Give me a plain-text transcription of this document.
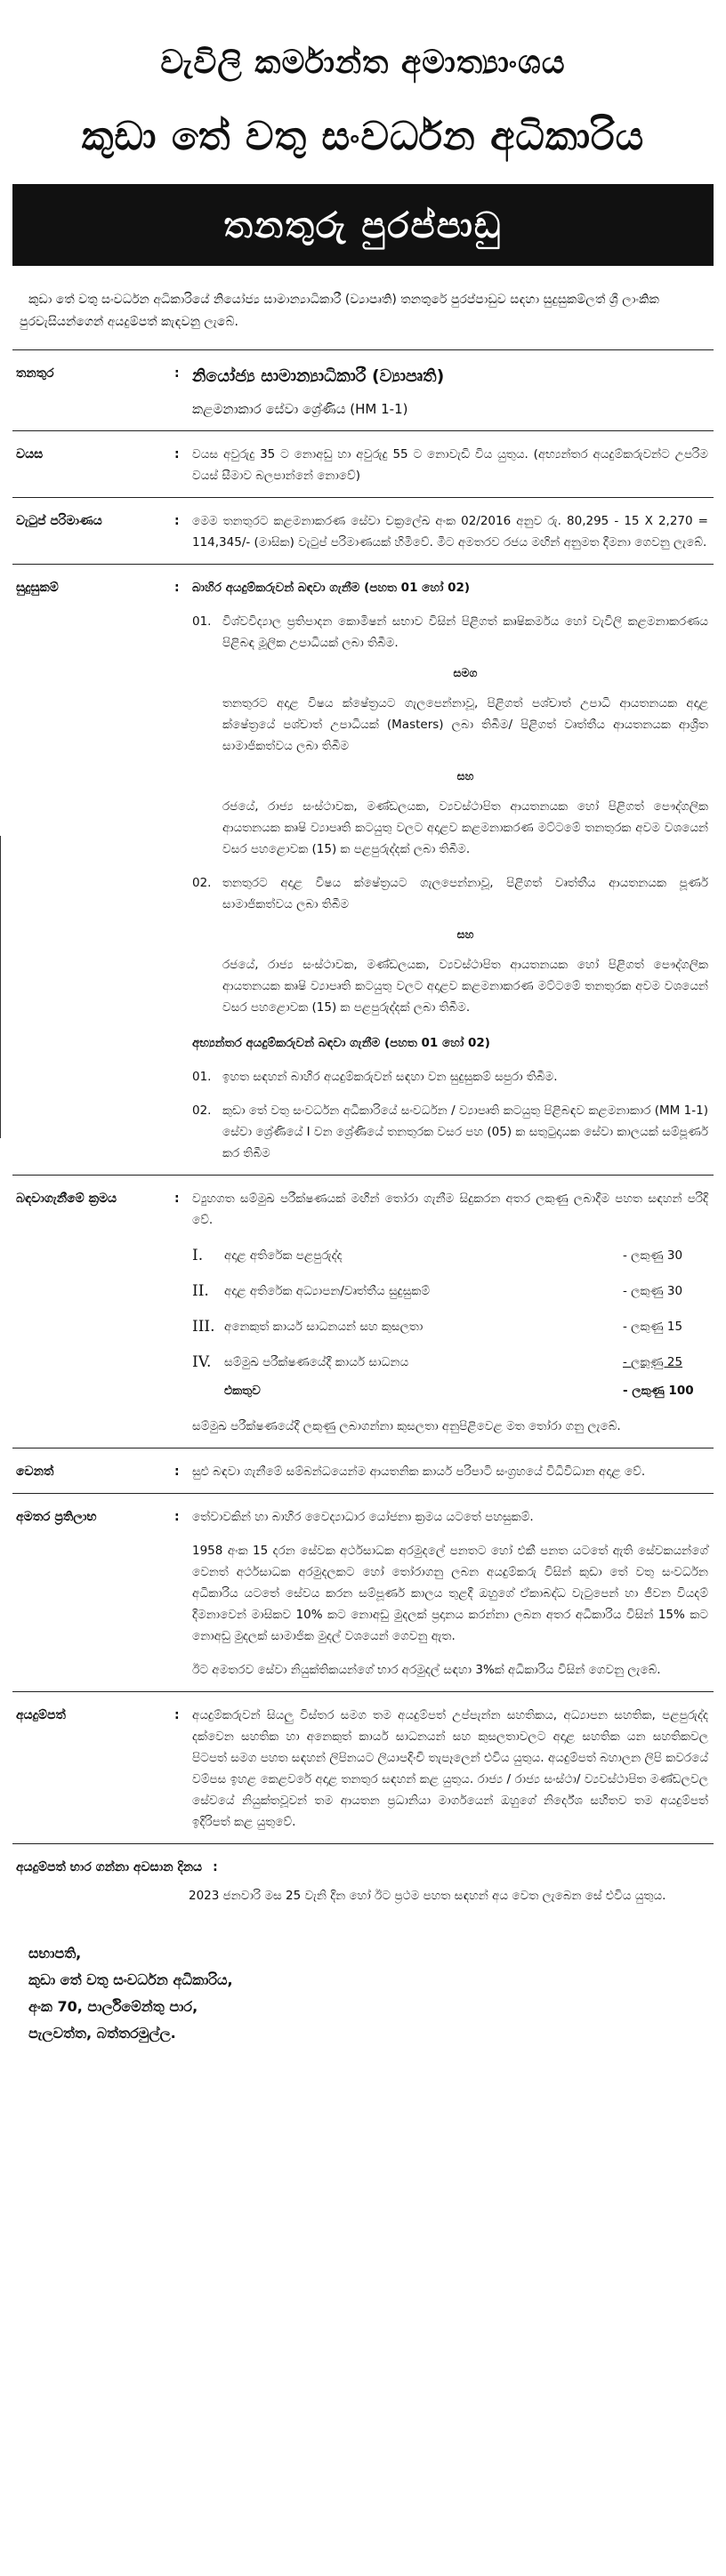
වැවිලි කර්මාන්ත අමාත්‍යාංශය
කුඩා තේ වතු සංවර්ධන අධිකාරිය
තනතුරු පුරප්පාඩු
කුඩා තේ වතු සංවර්ධන අධිකාරියේ නියෝජ්‍ය සාමාන්‍යාධිකාරී (ව්‍යාපෘති) තනතුරේ පුරප්පාඩුව සඳහා සුදුසුකම්ලත් ශ්‍රී ලාංකික පුරවැසියන්ගෙන් අයදුම්පත් කැඳවනු ලැබේ.
තනතුර	: නියෝජ්‍ය සාමාන්‍යාධිකාරී (ව්‍යාපෘති)
කළමනාකාර සේවා ශ්‍රේණිය (HM 1-1)
වයස	:	වයස අවුරුදු 35 ට නොඅඩු හා අවුරුදු 55 ට නොවැඩි විය යුතුය. (අභ්‍යන්තර අයදුම්කරුවන්ට උපරිම වයස් සීමාව බලපාන්නේ නොවේ)
වැටුප් පරිමාණය	:	මෙම තනතුරට කළමනාකරණ සේවා චක්‍රලේඛ අංක 02/2016 අනුව රු. 80,295 - 15 X 2,270 = 114,345/- (මාසික) වැටුප් පරිමාණයක් හිමිවේ. මීට අමතරව රජය මඟින් අනුමත දීමනා ගෙවනු ලැබේ.
සුදුසුකම්	:	බාහිර අයදුම්කරුවන් බඳවා ගැනීම (පහත 01 හෝ 02)
01. විශ්වවිද්‍යාල ප්‍රතිපාදන කොමිෂන් සභාව විසින් පිළිගත් කෘෂිකර්මය හෝ වැවිලි කළමනාකරණය පිළිබඳ මූලික උපාධියක් ලබා තිබීම.
සමග
තනතුරට අදාළ විෂය ක්ෂේත්‍රයට ගැලපෙන්නාවූ, පිළිගත් පශ්චාත් උපාධි ආයතනයක අදාළ ක්ෂේත්‍රයේ පශ්චාත් උපාධියක් (Masters) ලබා තිබීම/ පිළිගත් වෘත්තීය ආයතනයක ආශ්‍රිත සාමාජිකත්වය ලබා තිබීම
සහ
රජයේ, රාජ්‍ය සංස්ථාවක, මණ්ඩලයක, ව්‍යවස්ථාපිත ආයතනයක හෝ පිළිගත් පෞද්ගලික ආයතනයක කෘෂි ව්‍යාපෘති කටයුතු වලට අදාළව කළමනාකරණ මට්ටමේ තනතුරක අවම වශයෙන් වසර පහළොවක (15) ක පළපුරුද්දක් ලබා තිබීම.
02. තනතුරට අදාළ විෂය ක්ෂේත්‍රයට ගැලපෙන්නාවූ, පිළිගත් වෘත්තීය ආයතනයක පූර්ණ සාමාජිකත්වය ලබා තිබීම
සහ
රජයේ, රාජ්‍ය සංස්ථාවක, මණ්ඩලයක, ව්‍යවස්ථාපිත ආයතනයක හෝ පිළිගත් පෞද්ගලික ආයතනයක කෘෂි ව්‍යාපෘති කටයුතු වලට අදාළව කළමනාකරණ මට්ටමේ තනතුරක අවම වශයෙන් වසර පහළොවක (15) ක පළපුරුද්දක් ලබා තිබීම.
අභ්‍යන්තර අයදුම්කරුවන් බඳවා ගැනීම (පහත 01 හෝ 02)
01. ඉහත සඳහන් බාහිර අයදුම්කරුවන් සඳහා වන සුදුසුකම් සපුරා තිබීම.
02. කුඩා තේ වතු සංවර්ධන අධිකාරියේ සංවර්ධන / ව්‍යාපෘති කටයුතු පිළිබඳව කළමනාකාර (MM 1-1) සේවා ශ්‍රේණියේ I වන ශ්‍රේණියේ තනතුරක වසර පහ (05) ක සතුටුදායක සේවා කාලයක් සම්පූර්ණ කර තිබීම
බඳවාගැනීමේ ක්‍රමය	:	ව්‍යුහගත සම්මුඛ පරීක්ෂණයක් මඟින් තෝරා ගැනීම සිදුකරන අතර ලකුණු ලබාදීම පහත සඳහන් පරිදි වේ.
I.	අදාළ අතිරේක පළපුරුද්ද	- ලකුණු 30
II.	අදාළ අතිරේක අධ්‍යාපන/වෘත්තීය සුදුසුකම්	- ලකුණු 30
III. අනෙකුත් කාර්ය සාධනයන් සහ කුසලතා	- ලකුණු 15
IV.	සම්මුඛ පරීක්ෂණයේදී කාර්ය සාධනය	- ලකුණු 25
එකතුව	- ලකුණු 100
සම්මුඛ පරීක්ෂණයේදී ලකුණු ලබාගන්නා කුසලතා අනුපිළිවෙළ මත තෝරා ගනු ලැබේ.
වෙනත්	:	සුළු බඳවා ගැනීමේ සම්බන්ධයෙන්ම ආයතනික කාර්ය පරිපාටි සංග්‍රහයේ විධිවිධාන අදාළ වේ.
අමතර ප්‍රතිලාභ	:	තේවාවකින් හා බාහිර වෛද්‍යාධාර යෝජනා ක්‍රමය යටතේ පහසුකම්.
1958 අංක 15 දරන සේවක අර්ථසාධක අරමුදලේ පනතට හෝ එකී පනත යටතේ ඇති සේවකයන්ගේ වෙනත් අර්ථසාධක අරමුදලකට හෝ තෝරාගනු ලබන අයදුම්කරු විසින් කුඩා තේ වතු සංවර්ධන අධිකාරිය යටතේ සේවය කරන සම්පූර්ණ කාලය තුළදී ඔහුගේ ඒකාබද්ධ වැටුපෙන් හා ජීවන වියදම් දීමනාවෙන් මාසිකව 10% කට නොඅඩු මුදලක් ප්‍රදානය කරන්නා ලබන අතර අධිකාරිය විසින් 15% කට නොඅඩු මුදලක් සාමාජික මුදල් වශයෙන් ගෙවනු ඇත.
ඊට අමතරව සේවා නියුක්තිකයන්ගේ භාර අරමුදල් සඳහා 3%ක් අධිකාරිය විසින් ගෙවනු ලැබේ.
අයදුම්පත්	:	අයදුම්කරුවන් සියලු විස්තර සමග තම අයදුම්පත් උප්පැන්න සහතිකය, අධ්‍යාපන සහතික, පළපුරුද්ද දක්වෙන සහතික හා අනෙකුත් කාර්ය සාධනයන් සහ කුසලතාවලට අදාළ සහතික යන සහතිකවල පිටපත් සමග පහත සඳහන් ලිපිනයට ලියාපදිංචි තැපෑලෙන් එවිය යුතුය. අයදුම්පත් බහාලන ලිපි කවරයේ වම්පස ඉහළ කෙළවරේ අදාළ තනතුර සඳහන් කළ යුතුය. රාජ්‍ය / රාජ්‍ය සංස්ථා/ ව්‍යවස්ථාපිත මණ්ඩලවල සේවයේ නියුක්තවූවන් තම ආයතන ප්‍රධානියා මාර්ගයෙන් ඔහුගේ නිර්දේශ සහිතව තම අයදුම්පත් ඉදිරිපත් කළ යුතුවේ.
අයදුම්පත් භාර ගන්නා අවසාන දිනය :
2023 ජනවාරි මස 25 වැනි දින හෝ ඊට ප්‍රථම පහත සඳහන් අය වෙත ලැබෙන සේ එවිය යුතුය.
සභාපති,
කුඩා තේ වතු සංවර්ධන අධිකාරිය,
අංක 70, පාර්ලිමේන්තු පාර,
පැලවත්ත, බත්තරමුල්ල.
